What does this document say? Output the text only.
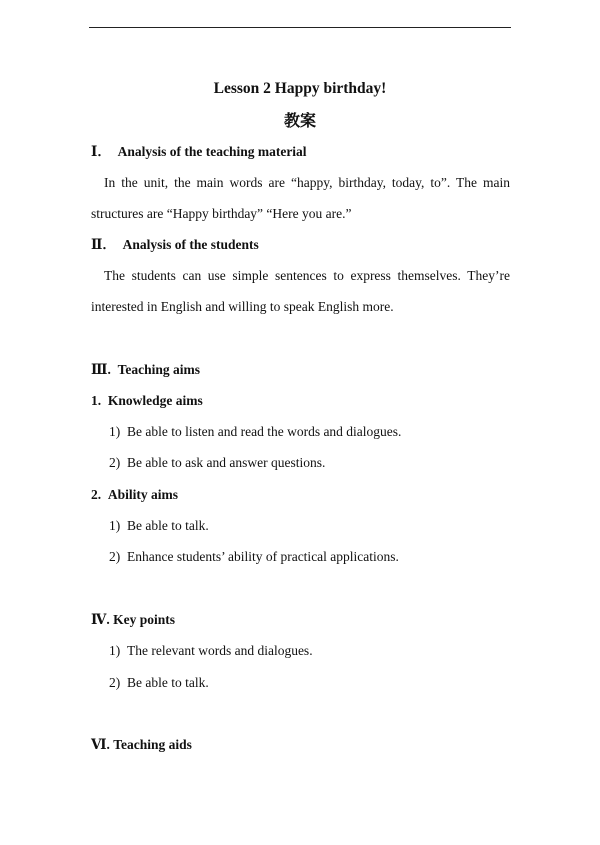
Lesson 2 Happy birthday!
教案
Ⅰ． Analysis of the teaching material
In the unit, the main words are “happy, birthday, today, to”. The main
structures are “Happy birthday” “Here you are.”
Ⅱ． Analysis of the students
The students can use simple sentences to express themselves. They’re
interested in English and willing to speak English more.
Ⅲ. Teaching aims
1. Knowledge aims
1) Be able to listen and read the words and dialogues.
2) Be able to ask and answer questions.
2. Ability aims
1) Be able to talk.
2) Enhance students’ ability of practical applications.
Ⅳ. Key points
1) The relevant words and dialogues.
2) Be able to talk.
Ⅵ. Teaching aids
